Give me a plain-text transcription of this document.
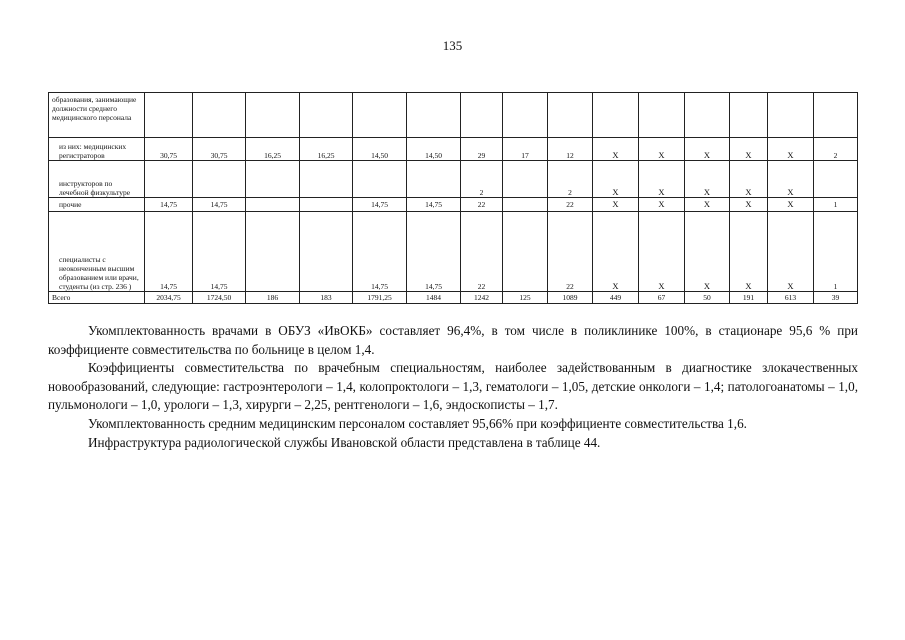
135
образования, занимающие должности среднего медицинского персонала															
из них: медицинских регистраторов	30,75	30,75	16,25	16,25	14,50	14,50	29	17	12	X	X	X	X	X	2
инструкторов по лечебной физкультуре							2		2	X	X	X	X	X	
прочие	14,75	14,75			14,75	14,75	22		22	X	X	X	X	X	1
специалисты с неоконченным высшим образованием или врачи, студенты (из стр. 236 )	14,75	14,75			14,75	14,75	22		22	X	X	X	X	X	1
Всего	2034,75	1724,50	186	183	1791,25	1484	1242	125	1089	449	67	50	191	613	39

Укомплектованность врачами в ОБУЗ «ИвОКБ» составляет 96,4%, в том числе в поликлинике 100%, в стационаре 95,6 % при коэффициенте совместительства по больнице в целом 1,4.

Коэффициенты совместительства по врачебным специальностям, наиболее задействованным в диагностике злокачественных новообразований, следующие: гастроэнтерологи – 1,4, колопроктологи – 1,3, гематологи – 1,05, детские онкологи – 1,4; патологоанатомы – 1,0, пульмонологи – 1,0, урологи – 1,3, хирурги – 2,25, рентгенологи – 1,6, эндоскописты – 1,7.

Укомплектованность средним медицинским персоналом составляет 95,66% при коэффициенте совместительства 1,6.

Инфраструктура радиологической службы Ивановской области представлена в таблице 44.
